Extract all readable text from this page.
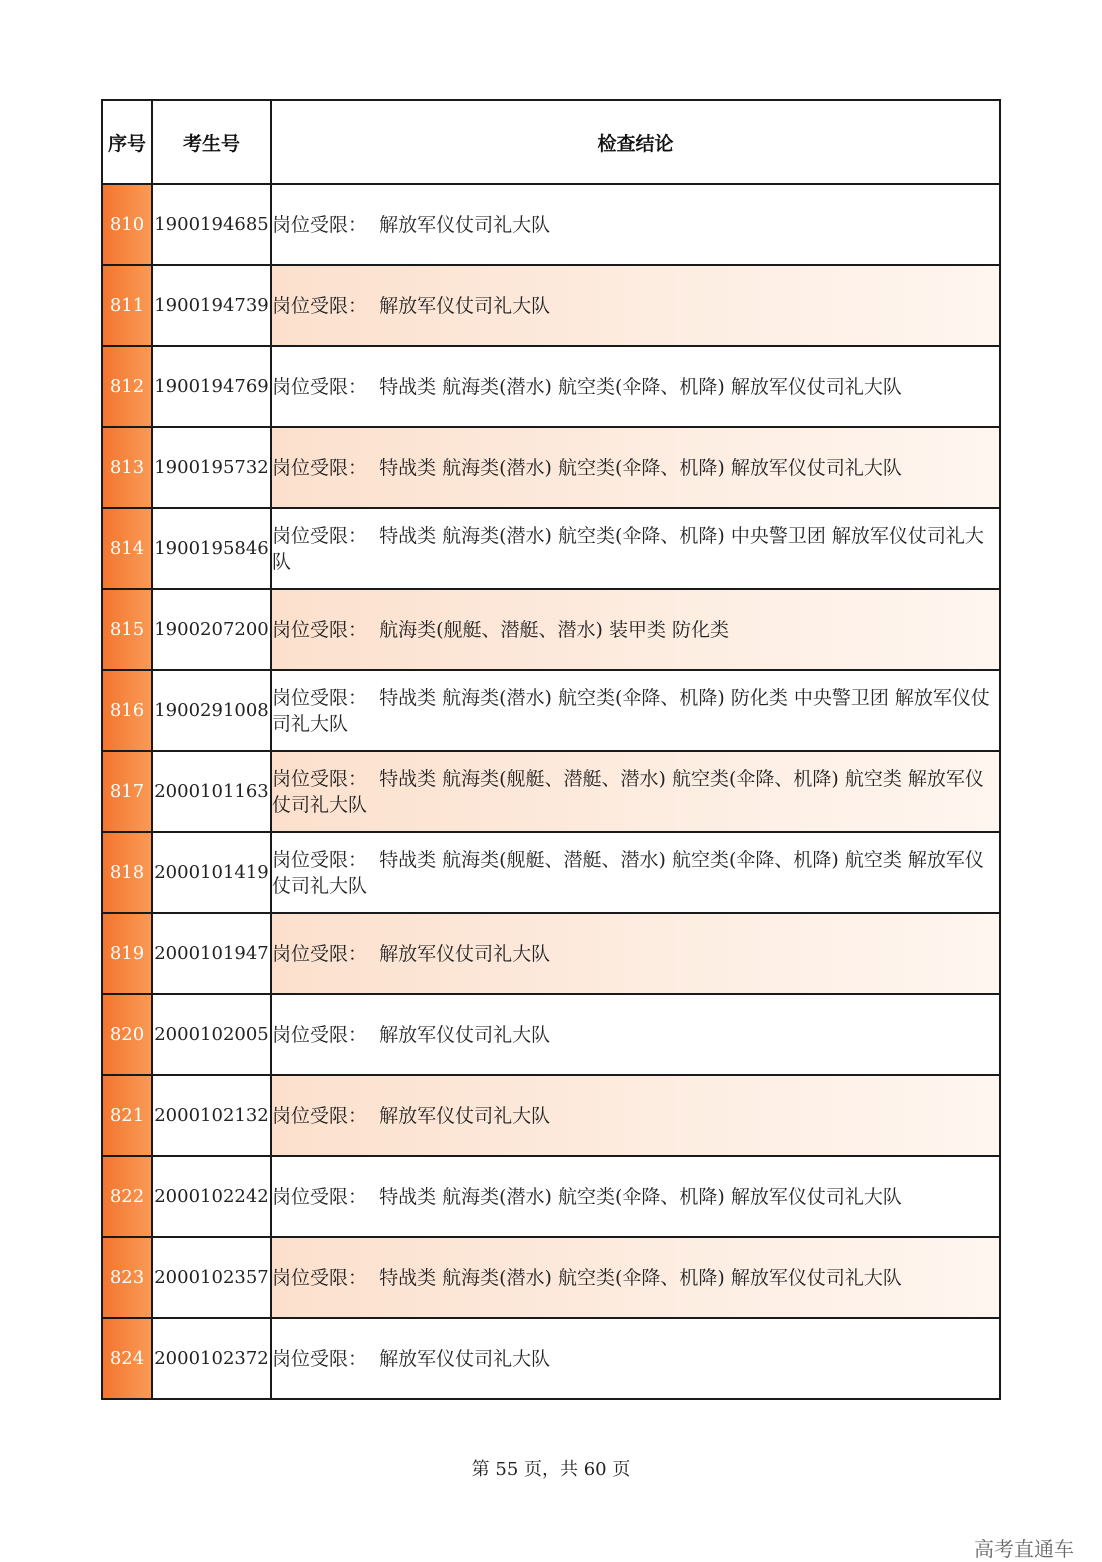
序号	考生号	检查结论
810	1900194685	岗位受限：  解放军仪仗司礼大队
811	1900194739	岗位受限：  解放军仪仗司礼大队
812	1900194769	岗位受限：  特战类 航海类(潜水) 航空类(伞降、机降) 解放军仪仗司礼大队
813	1900195732	岗位受限：  特战类 航海类(潜水) 航空类(伞降、机降) 解放军仪仗司礼大队
814	1900195846	岗位受限：  特战类 航海类(潜水) 航空类(伞降、机降) 中央警卫团 解放军仪仗司礼大队
815	1900207200	岗位受限：  航海类(舰艇、潜艇、潜水) 装甲类 防化类
816	1900291008	岗位受限：  特战类 航海类(潜水) 航空类(伞降、机降) 防化类 中央警卫团 解放军仪仗司礼大队
817	2000101163	岗位受限：  特战类 航海类(舰艇、潜艇、潜水) 航空类(伞降、机降) 航空类 解放军仪仗司礼大队
818	2000101419	岗位受限：  特战类 航海类(舰艇、潜艇、潜水) 航空类(伞降、机降) 航空类 解放军仪仗司礼大队
819	2000101947	岗位受限：  解放军仪仗司礼大队
820	2000102005	岗位受限：  解放军仪仗司礼大队
821	2000102132	岗位受限：  解放军仪仗司礼大队
822	2000102242	岗位受限：  特战类 航海类(潜水) 航空类(伞降、机降) 解放军仪仗司礼大队
823	2000102357	岗位受限：  特战类 航海类(潜水) 航空类(伞降、机降) 解放军仪仗司礼大队
824	2000102372	岗位受限：  解放军仪仗司礼大队
第 55 页，共 60 页
高考直通车
